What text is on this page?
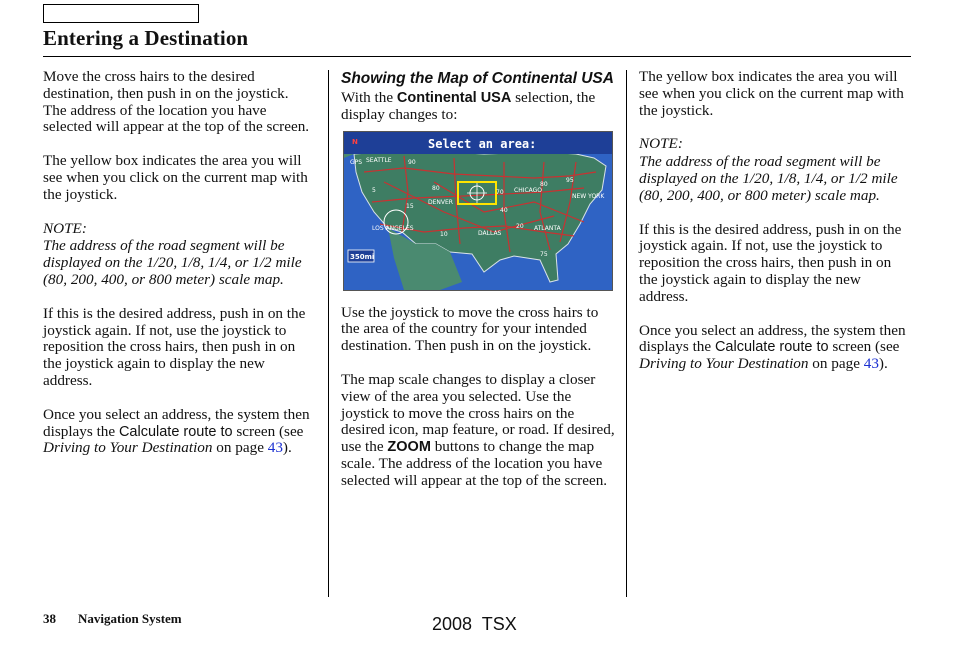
Entering a Destination

Move the cross hairs to the desired destination, then push in on the joystick. The address of the location you have selected will appear at the top of the screen.

The yellow box indicates the area you will see when you click on the current map with the joystick.

NOTE:

The address of the road segment will be displayed on the 1/20, 1/8, 1/4, or 1/2 mile (80, 200, 400, or 800 meter) scale map.

If this is the desired address, push in on the joystick again. If not, use the joystick to reposition the cross hairs, then push in on the joystick again to display the new address.

Once you select an address, the system then displays the Calculate route to screen (see Driving to Your Destination on page 43).

Showing the Map of Continental USA

With the Continental USA selection, the display changes to:

Select an area:
SEATTLE
DENVER
LOS ANGELES
DALLAS
ATLANTA
CHICAGO
NEW YORK
90
5	80
15
10
20
70
40
80
95
75
N
GPS
350mi

Use the joystick to move the cross hairs to the area of the country for your intended destination. Then push in on the joystick.

The map scale changes to display a closer view of the area you selected. Use the joystick to move the cross hairs on the desired icon, map feature, or road. If desired, use the ZOOM buttons to change the map scale. The address of the location you have selected will appear at the top of the screen.

The yellow box indicates the area you will see when you click on the current map with the joystick.

NOTE:

The address of the road segment will be displayed on the 1/20, 1/8, 1/4, or 1/2 mile (80, 200, 400, or 800 meter) scale map.

If this is the desired address, push in on the joystick again. If not, use the joystick to reposition the cross hairs, then push in on the joystick again to display the new address.

Once you select an address, the system then displays the Calculate route to screen (see Driving to Your Destination on page 43).

38 Navigation System	2008  TSX
